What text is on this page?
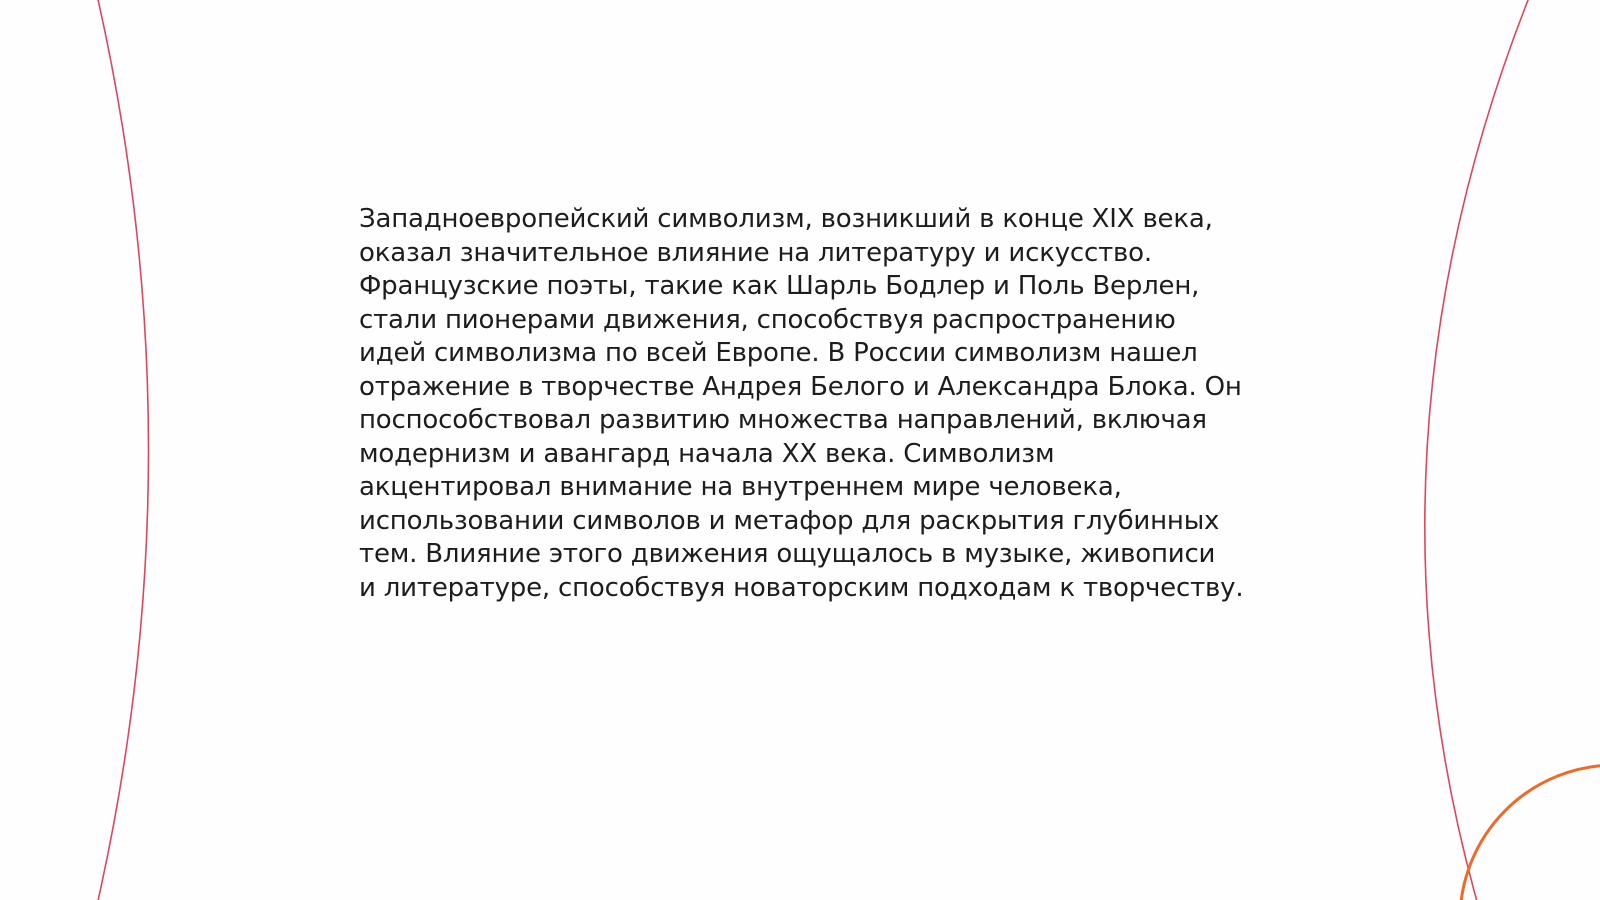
Западноевропейский символизм, возникший в конце XIX века,
оказал значительное влияние на литературу и искусство.
Французские поэты, такие как Шарль Бодлер и Поль Верлен,
стали пионерами движения, способствуя распространению
идей символизма по всей Европе. В России символизм нашел
отражение в творчестве Андрея Белого и Александра Блока. Он
поспособствовал развитию множества направлений, включая
модернизм и авангард начала XX века. Символизм
акцентировал внимание на внутреннем мире человека,
использовании символов и метафор для раскрытия глубинных
тем. Влияние этого движения ощущалось в музыке, живописи
и литературе, способствуя новаторским подходам к творчеству.
